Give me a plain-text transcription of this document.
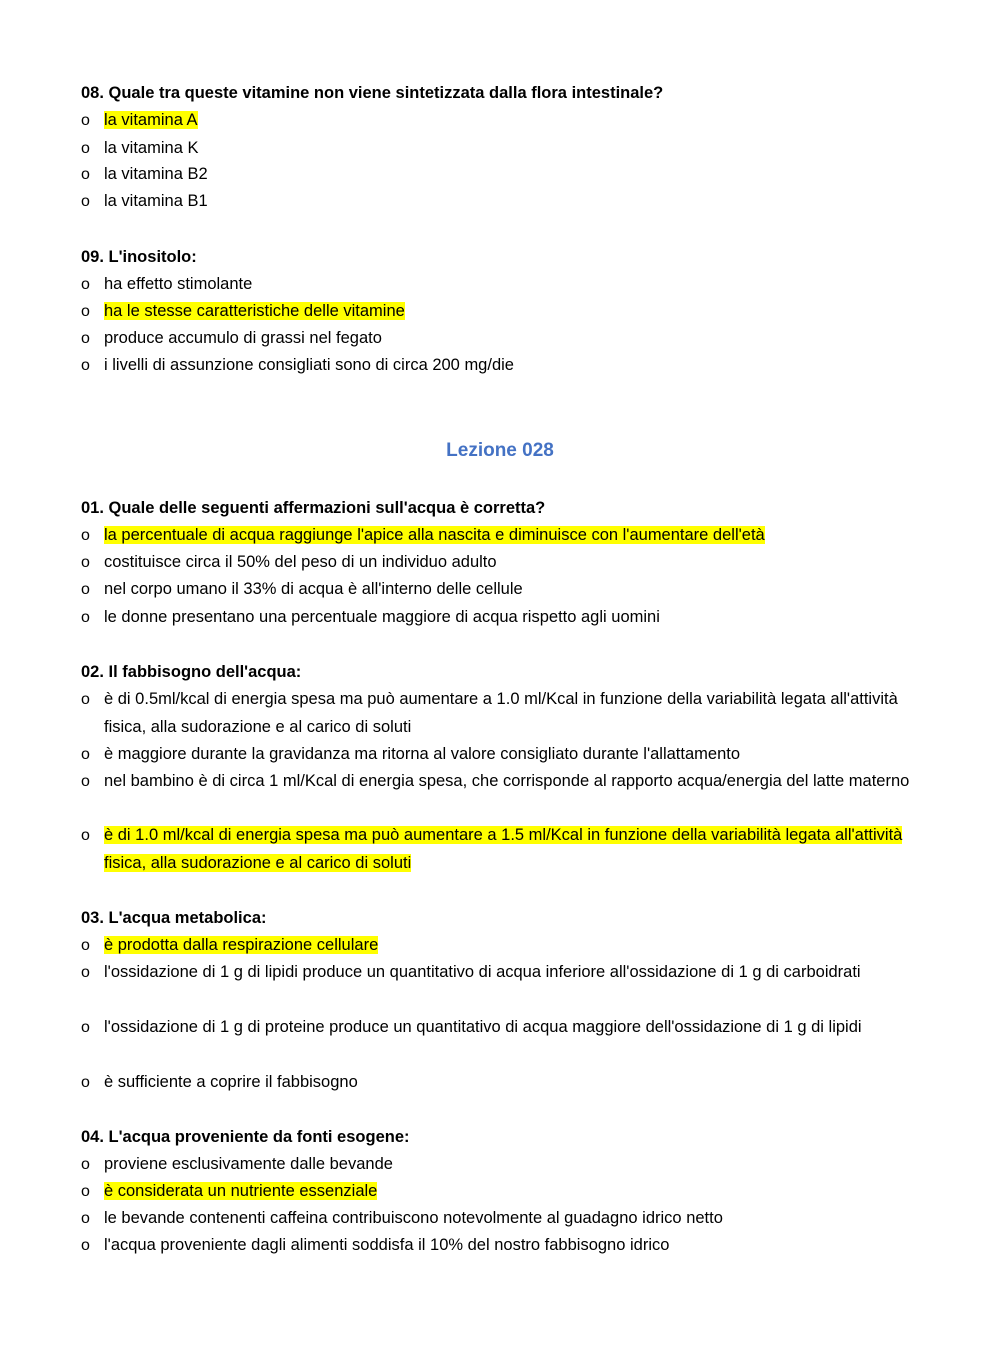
08. Quale tra queste vitamine non viene sintetizzata dalla flora intestinale?
o la vitamina A
o la vitamina K
o la vitamina B2
o la vitamina B1
09. L'inositolo:
o ha effetto stimolante
o ha le stesse caratteristiche delle vitamine
o produce accumulo di grassi nel fegato
o i livelli di assunzione consigliati sono di circa 200 mg/die
Lezione 028
01. Quale delle seguenti affermazioni sull'acqua è corretta?
o la percentuale di acqua raggiunge l'apice alla nascita e diminuisce con l'aumentare dell'età
o costituisce circa il 50% del peso di un individuo adulto
o nel corpo umano il 33% di acqua è all'interno delle cellule
o le donne presentano una percentuale maggiore di acqua rispetto agli uomini
02. Il fabbisogno dell'acqua:
o è di 0.5ml/kcal di energia spesa ma può aumentare a 1.0 ml/Kcal in funzione della variabilità legata all'attività fisica, alla sudorazione e al carico di soluti
o è maggiore durante la gravidanza ma ritorna al valore consigliato durante l'allattamento
o nel bambino è di circa 1 ml/Kcal di energia spesa, che corrisponde al rapporto acqua/energia del latte materno
o è di 1.0 ml/kcal di energia spesa ma può aumentare a 1.5 ml/Kcal in funzione della variabilità legata all'attività fisica, alla sudorazione e al carico di soluti
03. L'acqua metabolica:
o è prodotta dalla respirazione cellulare
o l'ossidazione di 1 g di lipidi produce un quantitativo di acqua inferiore all'ossidazione di 1 g di carboidrati
o l'ossidazione di 1 g di proteine produce un quantitativo di acqua maggiore dell'ossidazione di 1 g di lipidi
o è sufficiente a coprire il fabbisogno
04. L'acqua proveniente da fonti esogene:
o proviene esclusivamente dalle bevande
o è considerata un nutriente essenziale
o le bevande contenenti caffeina contribuiscono notevolmente al guadagno idrico netto
o l'acqua proveniente dagli alimenti soddisfa il 10% del nostro fabbisogno idrico
